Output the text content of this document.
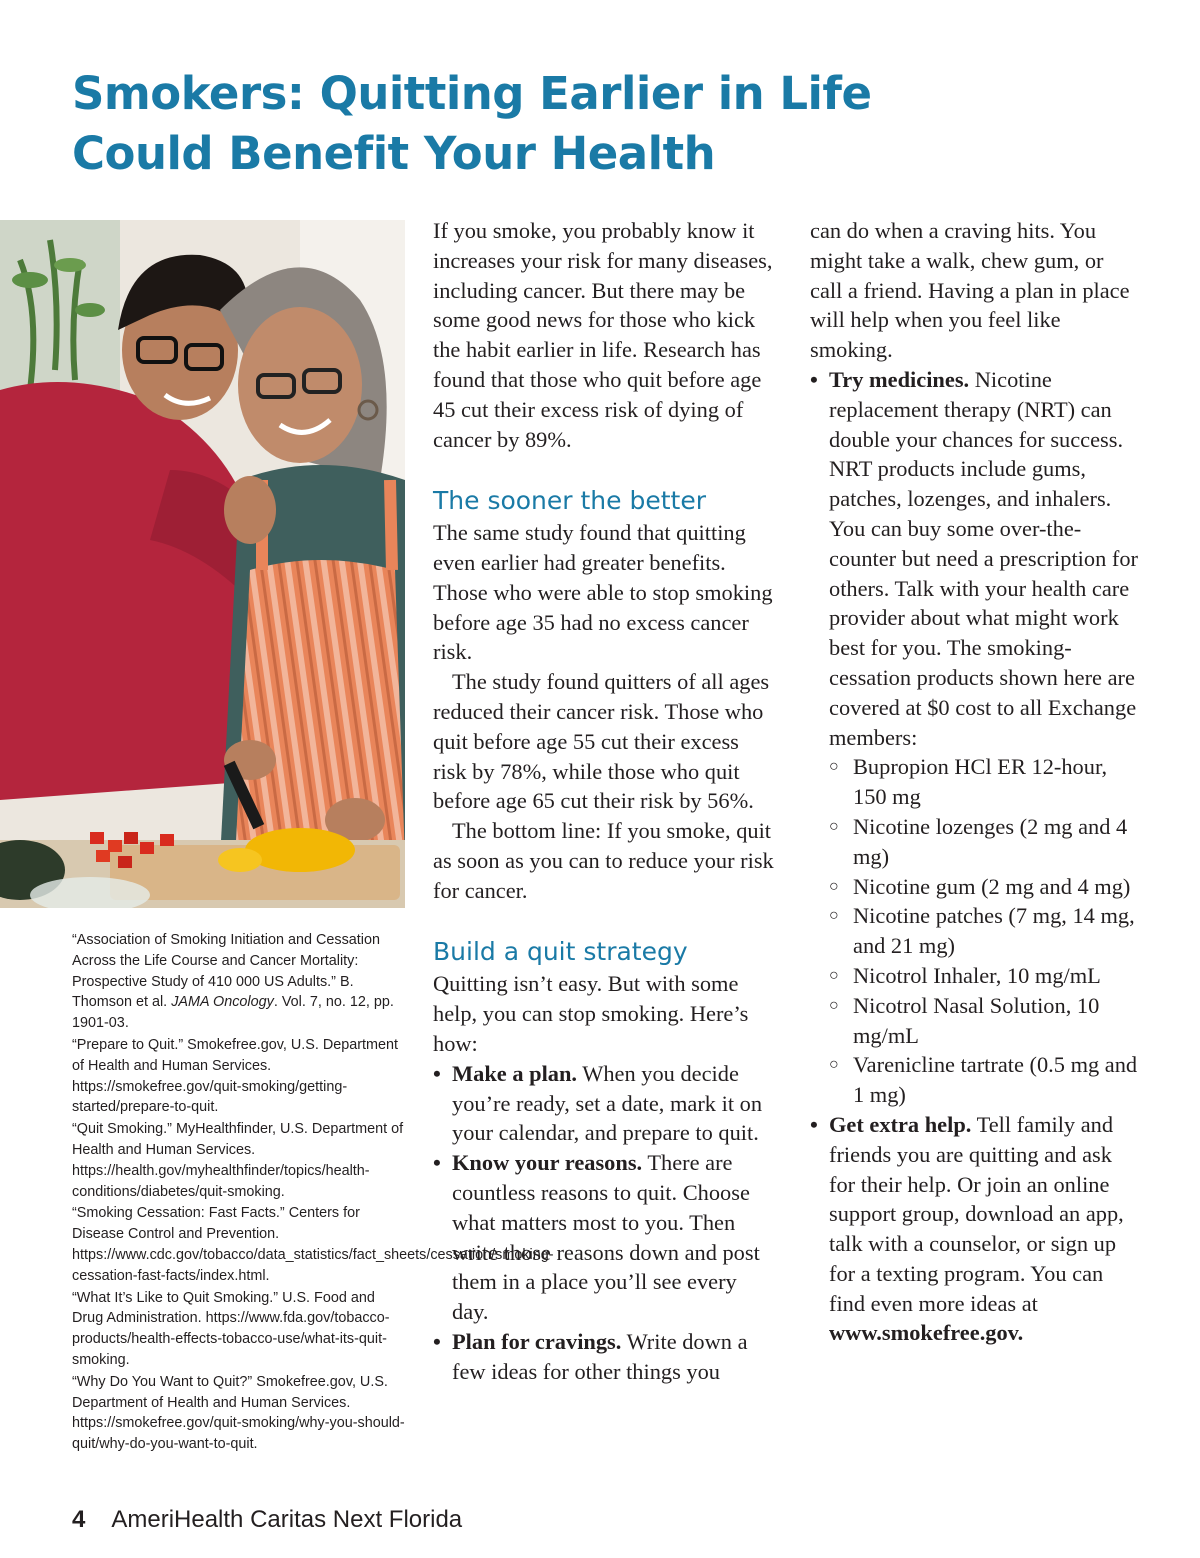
Smokers: Quitting Earlier in Life
Could Benefit Your Health

“Association of Smoking Initiation and Cessation Across the Life Course and Cancer Mortality: Prospective Study of 410 000 US Adults.” B. Thomson et al. JAMA Oncology. Vol. 7, no. 12, pp. 1901-03.

“Prepare to Quit.” Smokefree.gov, U.S. Department of Health and Human Services. https://smokefree.gov/quit-smoking/getting-started/prepare-to-quit.

“Quit Smoking.” MyHealthfinder, U.S. Department of Health and Human Services. https://health.gov/myhealthfinder/topics/health-conditions/diabetes/quit-smoking.

“Smoking Cessation: Fast Facts.” Centers for Disease Control and Prevention. https://www.cdc.gov/tobacco/data_statistics/fact_sheets/cessation/smoking-cessation-fast-facts/index.html.

“What It’s Like to Quit Smoking.” U.S. Food and Drug Administration. https://www.fda.gov/tobacco-products/health-effects-tobacco-use/what-its-quit-smoking.

“Why Do You Want to Quit?” Smokefree.gov, U.S. Department of Health and Human Services. https://smokefree.gov/quit-smoking/why-you-should-quit/why-do-you-want-to-quit.

If you smoke, you probably know it increases your risk for many diseases, including cancer. But there may be some good news for those who kick the habit earlier in life. Research has found that those who quit before age 45 cut their excess risk of dying of cancer by 89%.

The sooner the better

The same study found that quitting even earlier had greater benefits. Those who were able to stop smoking before age 35 had no excess cancer risk.

The study found quitters of all ages reduced their cancer risk. Those who quit before age 55 cut their excess risk by 78%, while those who quit before age 65 cut their risk by 56%.

The bottom line: If you smoke, quit as soon as you can to reduce your risk for cancer.

Build a quit strategy

Quitting isn’t easy. But with some help, you can stop smoking. Here’s how:

• Make a plan. When you decide you’re ready, set a date, mark it on your calendar, and prepare to quit.
• Know your reasons. There are countless reasons to quit. Choose what matters most to you. Then write those reasons down and post them in a place you’ll see every day.
• Plan for cravings. Write down a few ideas for other things you

can do when a craving hits. You might take a walk, chew gum, or call a friend. Having a plan in place will help when you feel like smoking.

• Try medicines. Nicotine replacement therapy (NRT) can double your chances for success. NRT products include gums, patches, lozenges, and inhalers. You can buy some over-the-counter but need a prescription for others. Talk with your health care provider about what might work best for you. The smoking-cessation products shown here are covered at $0 cost to all Exchange members:
○ Bupropion HCl ER 12-hour, 150 mg
○ Nicotine lozenges (2 mg and 4 mg)
○ Nicotine gum (2 mg and 4 mg)
○ Nicotine patches (7 mg, 14 mg, and 21 mg)
○ Nicotrol Inhaler, 10 mg/mL
○ Nicotrol Nasal Solution, 10 mg/mL
○ Varenicline tartrate (0.5 mg and 1 mg)
• Get extra help. Tell family and friends you are quitting and ask for their help. Or join an online support group, download an app, talk with a counselor, or sign up for a texting program. You can find even more ideas at www.smokefree.gov.
4 AmeriHealth Caritas Next Florida
